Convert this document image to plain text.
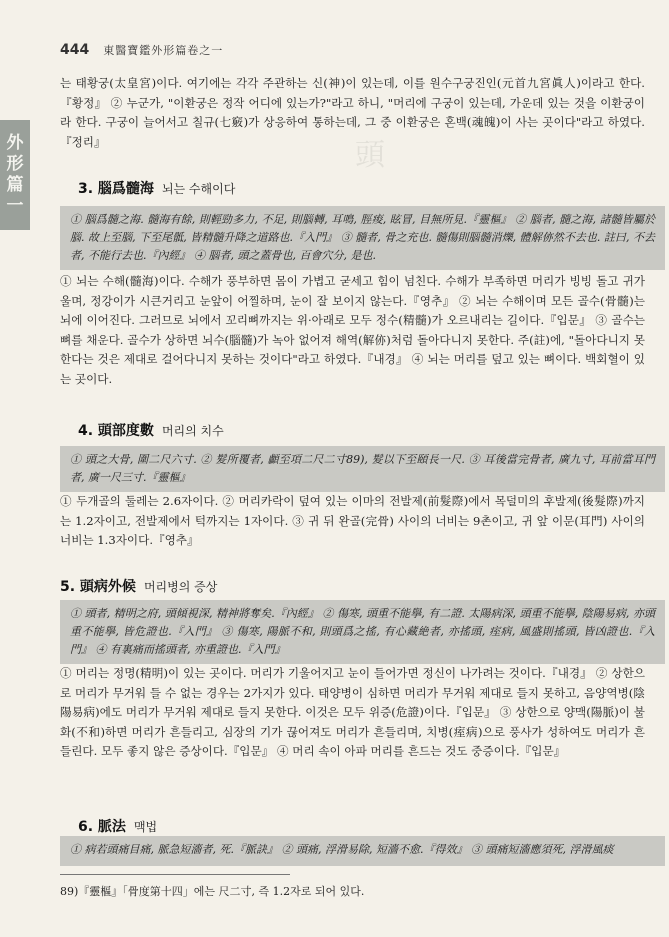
444 東醫寶鑑外形篇卷之一
外
形
篇
一
頭

는 태황궁(太皇宮)이다. 여기에는 각각 주관하는 신(神)이 있는데, 이를 원수구궁진인(元首九宮眞人)이라고 한다.『황정』 ② 누군가, "이환궁은 정작 어디에 있는가?"라고 하니, "머리에 구궁이 있는데, 가운데 있는 것을 이환궁이라 한다. 구궁이 늘어서고 칠규(七竅)가 상응하여 통하는데, 그 중 이환궁은 혼백(魂魄)이 사는 곳이다"라고 하였다.『정리』

3. 腦爲髓海 뇌는 수해이다
① 腦爲髓之海. 髓海有餘, 則輕勁多力, 不足, 則腦轉, 耳鳴, 脛痠, 眩冒, 目無所見.『靈樞』 ② 腦者, 髓之海, 諸髓皆屬於腦. 故上至腦, 下至尾骶, 皆精髓升降之道路也.『入門』 ③ 髓者, 骨之充也. 髓傷則腦髓消爍, 體解㑊然不去也. 註曰, 不去者, 不能行去也.『內經』 ④ 腦者, 頭之蓋骨也, 百會穴分, 是也.

① 뇌는 수해(髓海)이다. 수해가 풍부하면 몸이 가볍고 굳세고 힘이 넘친다. 수해가 부족하면 머리가 빙빙 돌고 귀가 울며, 정강이가 시큰거리고 눈앞이 어찔하며, 눈이 잘 보이지 않는다.『영추』 ② 뇌는 수해이며 모든 골수(骨髓)는 뇌에 이어진다. 그러므로 뇌에서 꼬리뼈까지는 위·아래로 모두 정수(精髓)가 오르내리는 길이다.『입문』 ③ 골수는 뼈를 채운다. 골수가 상하면 뇌수(腦髓)가 녹아 없어져 해역(解㑊)처럼 돌아다니지 못한다. 주(註)에, "돌아다니지 못한다는 것은 제대로 걸어다니지 못하는 것이다"라고 하였다.『내경』 ④ 뇌는 머리를 덮고 있는 뼈이다. 백회혈이 있는 곳이다.

4. 頭部度數 머리의 치수
① 頭之大骨, 圍二尺六寸. ② 髮所覆者, 顱至項二尺二寸89), 髮以下至頤長一尺. ③ 耳後當完骨者, 廣九寸, 耳前當耳門者, 廣一尺三寸.『靈樞』

① 두개골의 둘레는 2.6자이다. ② 머리카락이 덮여 있는 이마의 전발제(前髮際)에서 목덜미의 후발제(後髮際)까지는 1.2자이고, 전발제에서 턱까지는 1자이다. ③ 귀 뒤 완골(完骨) 사이의 너비는 9촌이고, 귀 앞 이문(耳門) 사이의 너비는 1.3자이다.『영추』

5. 頭病外候 머리병의 증상
① 頭者, 精明之府, 頭傾視深, 精神將奪矣.『內經』 ② 傷寒, 頭重不能擧, 有二證. 太陽病深, 頭重不能擧, 陰陽易病, 亦頭重不能擧, 皆危證也.『入門』 ③ 傷寒, 陽脈不和, 則頭爲之搖, 有心藏絶者, 亦搖頭, 痓病, 風盛則搖頭, 皆凶證也.『入門』 ④ 有裏痛而搖頭者, 亦重證也.『入門』

① 머리는 정명(精明)이 있는 곳이다. 머리가 기울어지고 눈이 들어가면 정신이 나가려는 것이다.『내경』 ② 상한으로 머리가 무거워 들 수 없는 경우는 2가지가 있다. 태양병이 심하면 머리가 무거워 제대로 들지 못하고, 음양역병(陰陽易病)에도 머리가 무거워 제대로 들지 못한다. 이것은 모두 위증(危證)이다.『입문』 ③ 상한으로 양맥(陽脈)이 불화(不和)하면 머리가 흔들리고, 심장의 기가 끊어져도 머리가 흔들리며, 치병(痓病)으로 풍사가 성하여도 머리가 흔들린다. 모두 좋지 않은 증상이다.『입문』 ④ 머리 속이 아파 머리를 흔드는 것도 중증이다.『입문』

6. 脈法 맥법
① 病若頭痛目痛, 脈急短濇者, 死.『脈訣』 ② 頭痛, 浮滑易除, 短濇不愈.『得效』 ③ 頭痛短濇應須死, 浮滑風痰
89)『靈樞』「骨度第十四」에는 尺二寸, 즉 1.2자로 되어 있다.
